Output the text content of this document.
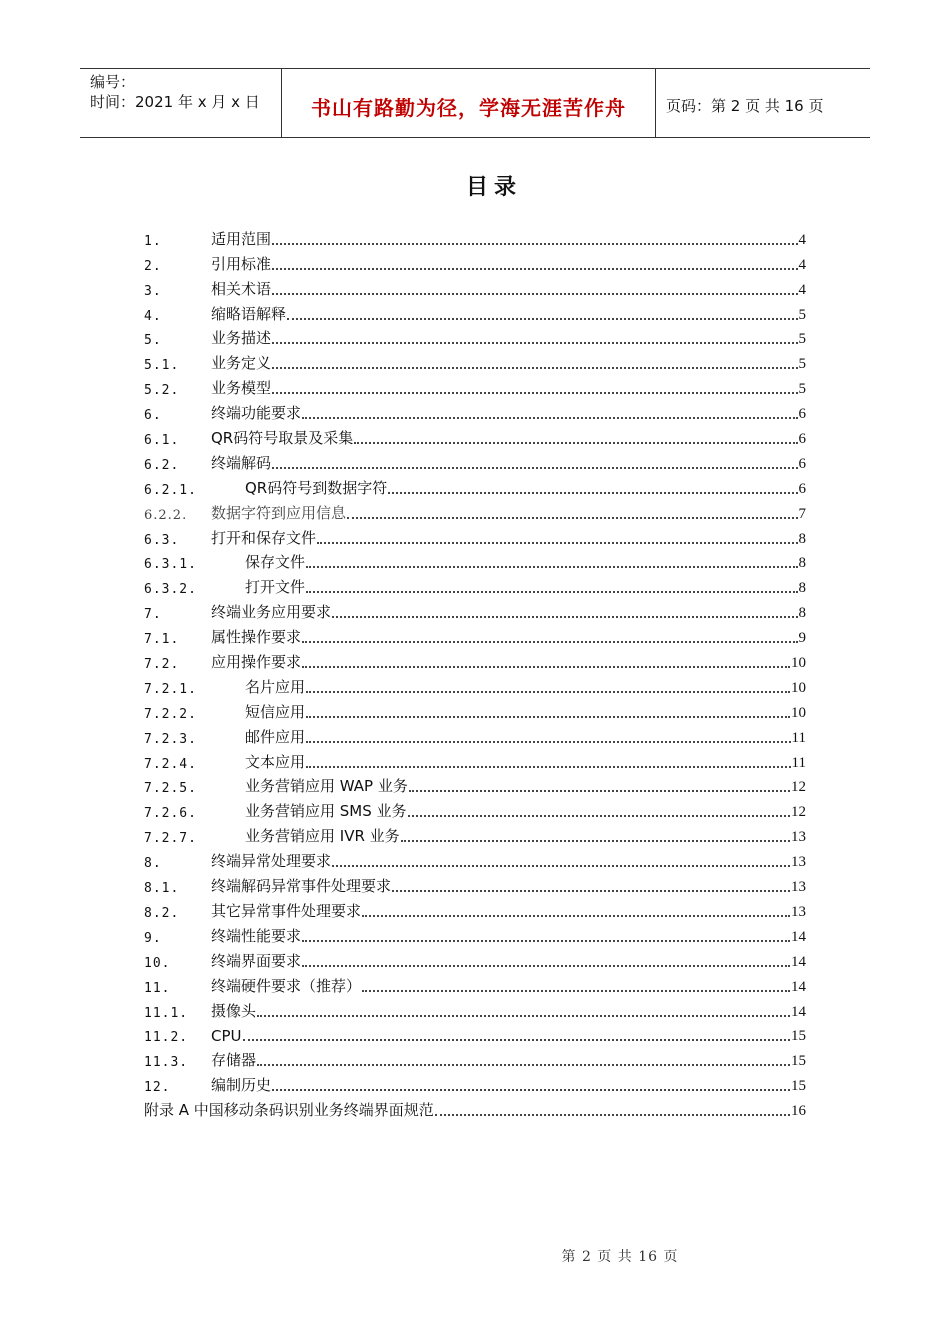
编号：
时间：2021 年 x 月 x 日	书山有路勤为径，学海无涯苦作舟	页码：第 2 页 共 16 页
目录
1.	适用范围	4
2.	引用标准	4
3.	相关术语	4
4.	缩略语解释	5
5.	业务描述	5
5.1.	业务定义	5
5.2.	业务模型	5
6.	终端功能要求	6
6.1.	QR码符号取景及采集	6
6.2.	终端解码	6
6.2.1.	QR码符号到数据字符	6
6.2.2.	数据字符到应用信息	7
6.3.	打开和保存文件	8
6.3.1.	保存文件	8
6.3.2.	打开文件	8
7.	终端业务应用要求	8
7.1.	属性操作要求	9
7.2.	应用操作要求	10
7.2.1.	名片应用	10
7.2.2.	短信应用	10
7.2.3.	邮件应用	11
7.2.4.	文本应用	11
7.2.5.	业务营销应用 WAP 业务	12
7.2.6.	业务营销应用 SMS 业务	12
7.2.7.	业务营销应用 IVR 业务	13
8.	终端异常处理要求	13
8.1.	终端解码异常事件处理要求	13
8.2.	其它异常事件处理要求	13
9.	终端性能要求	14
10.	终端界面要求	14
11.	终端硬件要求（推荐）	14
11.1.	摄像头	14
11.2.	CPU	15
11.3.	存储器	15
12.	编制历史	15
附录 A 中国移动条码识别业务终端界面规范	16
第 2 页 共 16 页
